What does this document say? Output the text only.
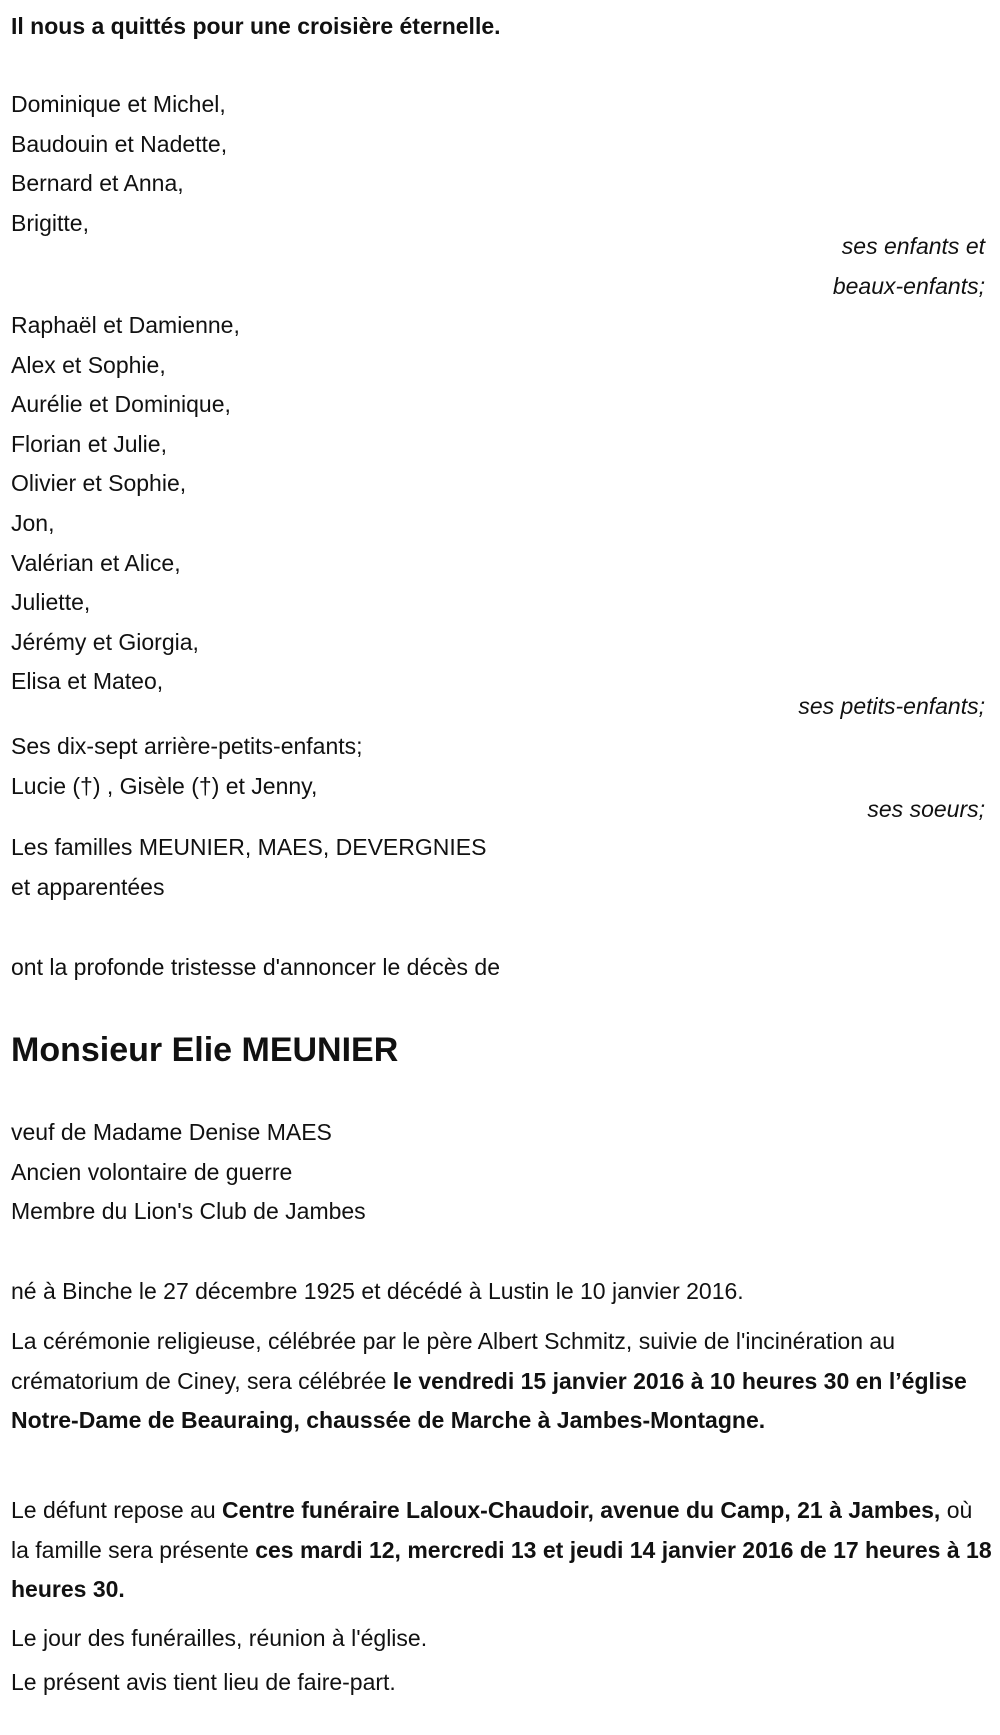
Il nous a quittés pour une croisière éternelle.
Dominique et Michel,
Baudouin et Nadette,
Bernard et Anna,
Brigitte,
ses enfants et
beaux-enfants;
Raphaël et Damienne,
Alex et Sophie,
Aurélie et Dominique,
Florian et Julie,
Olivier et Sophie,
Jon,
Valérian et Alice,
Juliette,
Jérémy et Giorgia,
Elisa et Mateo,
ses petits-enfants;
Ses dix-sept arrière-petits-enfants;
Lucie (†) , Gisèle (†) et Jenny,
ses soeurs;
Les familles MEUNIER, MAES, DEVERGNIES
et apparentées
ont la profonde tristesse d'annoncer le décès de
Monsieur Elie MEUNIER
veuf de Madame Denise MAES
Ancien volontaire de guerre
Membre du Lion's Club de Jambes
né à Binche le 27 décembre 1925 et décédé à Lustin le 10 janvier 2016.
La cérémonie religieuse, célébrée par le père Albert Schmitz, suivie de l'incinération au crématorium de Ciney, sera célébrée le vendredi 15 janvier 2016 à 10 heures 30 en l’église Notre-Dame de Beauraing, chaussée de Marche à Jambes-Montagne.
Le défunt repose au Centre funéraire Laloux-Chaudoir, avenue du Camp, 21 à Jambes, où la famille sera présente ces mardi 12, mercredi 13 et jeudi 14 janvier 2016 de 17 heures à 18 heures 30.
Le jour des funérailles, réunion à l'église.
Le présent avis tient lieu de faire-part.
